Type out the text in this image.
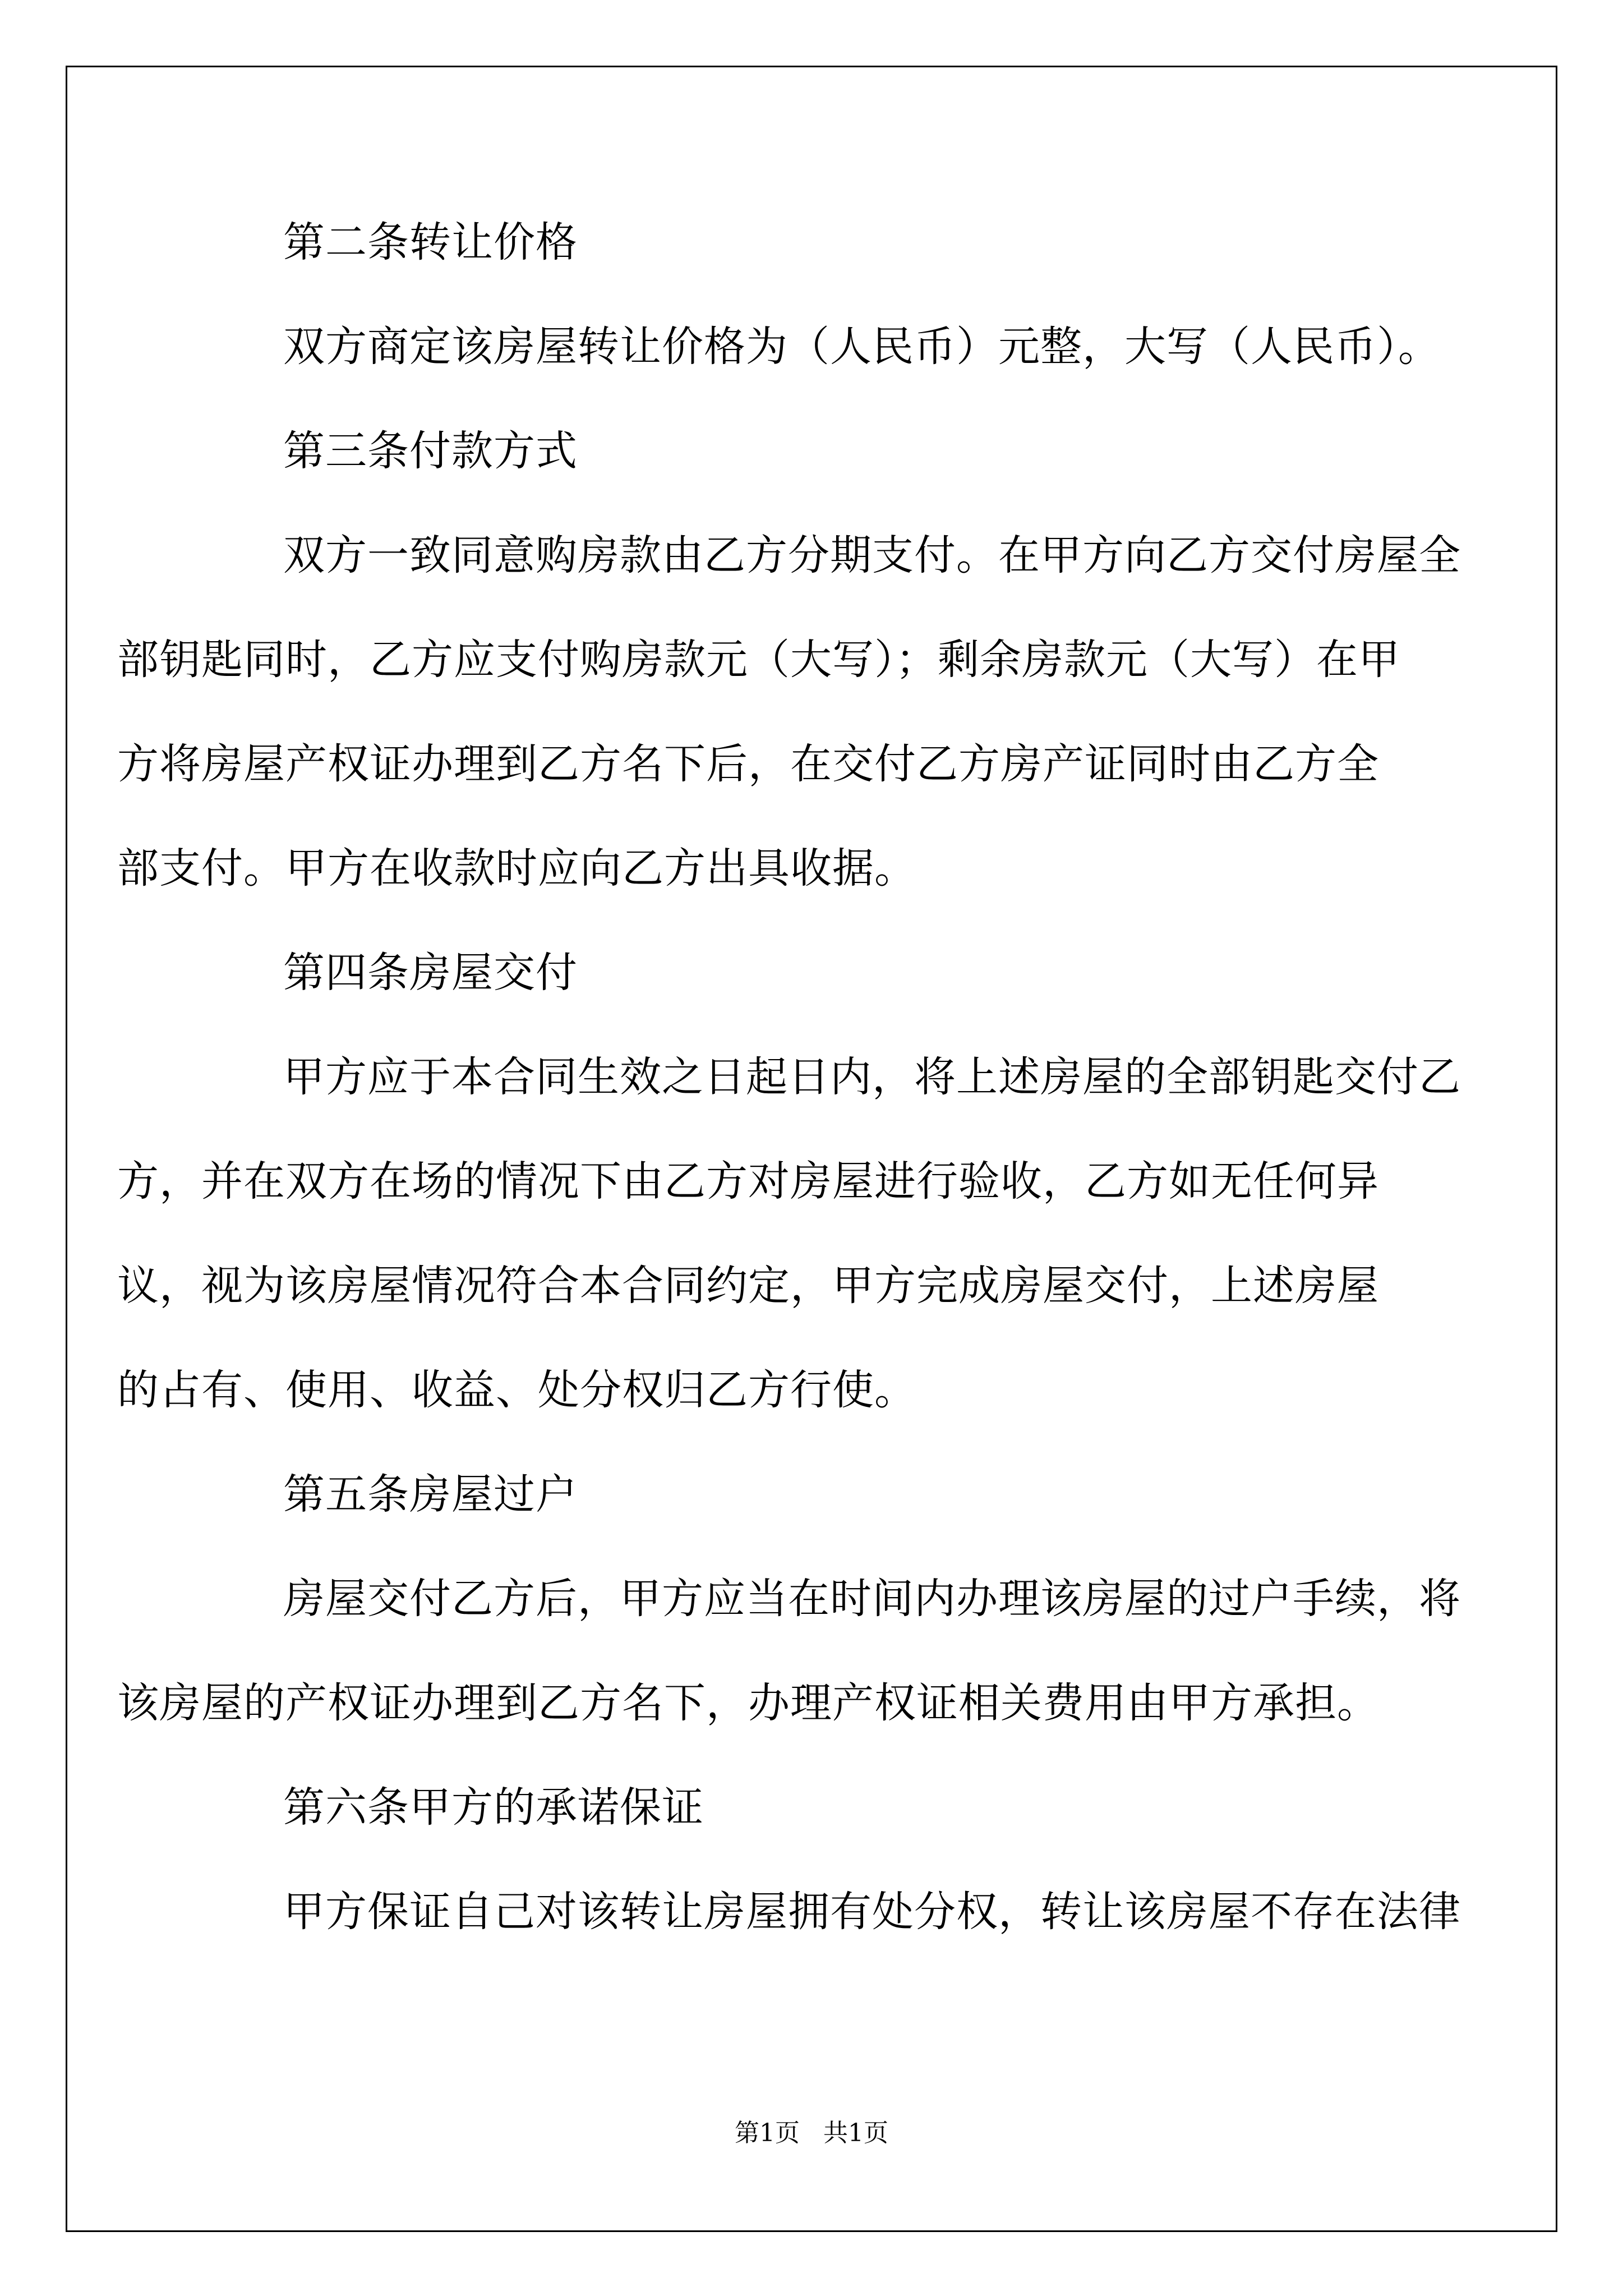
第二条转让价格
双方商定该房屋转让价格为（人民币）元整，大写（人民币）。
第三条付款方式
双方一致同意购房款由乙方分期支付。在甲方向乙方交付房屋全
部钥匙同时，乙方应支付购房款元（大写）；剩余房款元（大写）在甲
方将房屋产权证办理到乙方名下后，在交付乙方房产证同时由乙方全
部支付。甲方在收款时应向乙方出具收据。
第四条房屋交付
甲方应于本合同生效之日起日内，将上述房屋的全部钥匙交付乙
方，并在双方在场的情况下由乙方对房屋进行验收，乙方如无任何异
议，视为该房屋情况符合本合同约定，甲方完成房屋交付，上述房屋
的占有、使用、收益、处分权归乙方行使。
第五条房屋过户
房屋交付乙方后，甲方应当在时间内办理该房屋的过户手续，将
该房屋的产权证办理到乙方名下，办理产权证相关费用由甲方承担。
第六条甲方的承诺保证
甲方保证自己对该转让房屋拥有处分权，转让该房屋不存在法律
第1页   共1页
